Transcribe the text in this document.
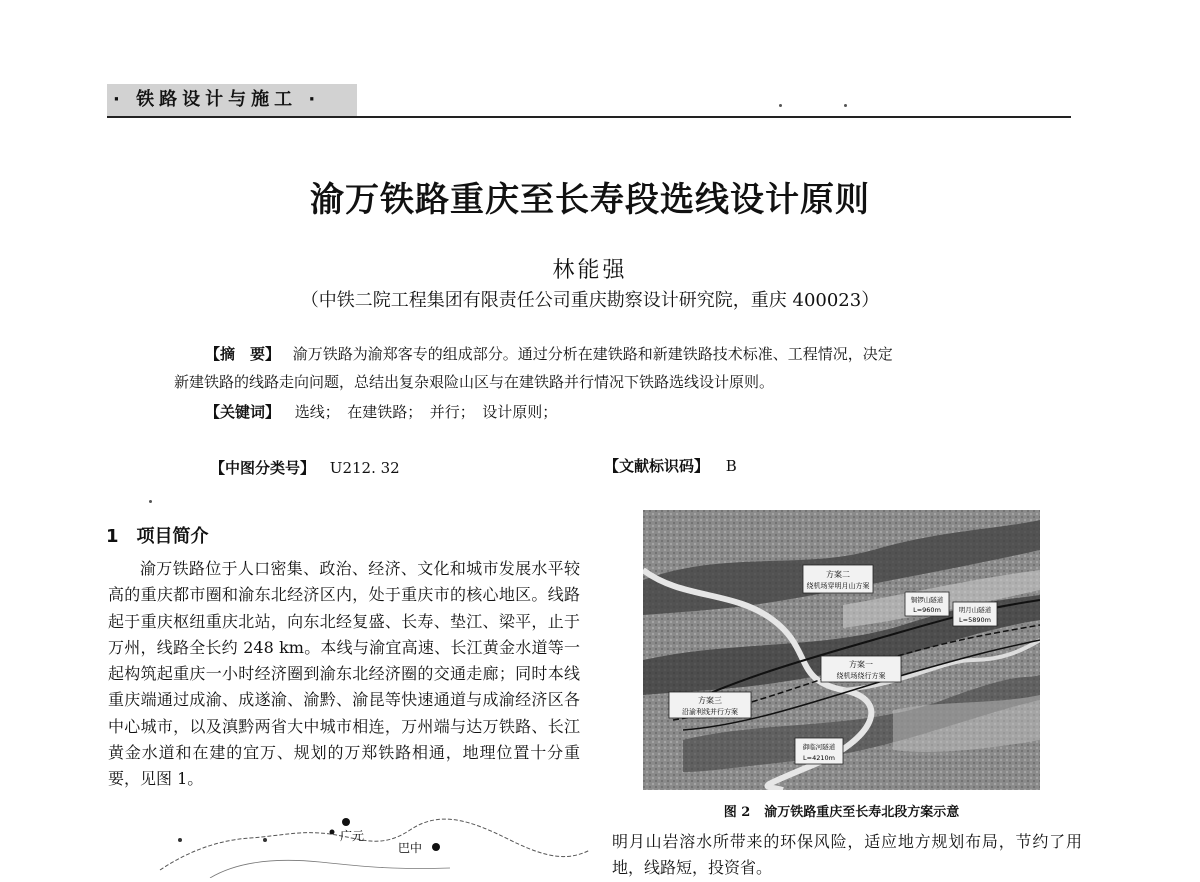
· 铁路设计与施工 ·
渝万铁路重庆至长寿段选线设计原则
林能强
（中铁二院工程集团有限责任公司重庆勘察设计研究院，重庆 400023）
【摘　要】 渝万铁路为渝郑客专的组成部分。通过分析在建铁路和新建铁路技术标准、工程情况，决定
新建铁路的线路走向问题，总结出复杂艰险山区与在建铁路并行情况下铁路选线设计原则。
【关键词】 选线；　在建铁路；　并行；　设计原则；
【中图分类号】 U212. 32	【文献标识码】 B
1 项目简介
渝万铁路位于人口密集、政治、经济、文化和城市发展水平较高的重庆都市圈和渝东北经济区内，处于重庆市的核心地区。线路起于重庆枢纽重庆北站，向东北经复盛、长寿、垫江、梁平，止于万州，线路全长约 248 km。本线与渝宜高速、长江黄金水道等一起构筑起重庆一小时经济圈到渝东北经济圈的交通走廊；同时本线重庆端通过成渝、成遂渝、渝黔、渝昆等快速通道与成渝经济区各中心城市，以及滇黔两省大中城市相连，万州端与达万铁路、长江黄金水道和在建的宜万、规划的万郑铁路相通，地理位置十分重要，见图 1。
方案二
绕机场穿明月山方案
铜锣山隧道
L=960m	明月山隧道
L=5890m
方案一
绕机场绕行方案
方案三
沿渝利线并行方案
御临河隧道
L=4210m
图 2 渝万铁路重庆至长寿北段方案示意
明月山岩溶水所带来的环保风险，适应地方规划布局，节约了用地，线路短，投资省。
广元
巴中
